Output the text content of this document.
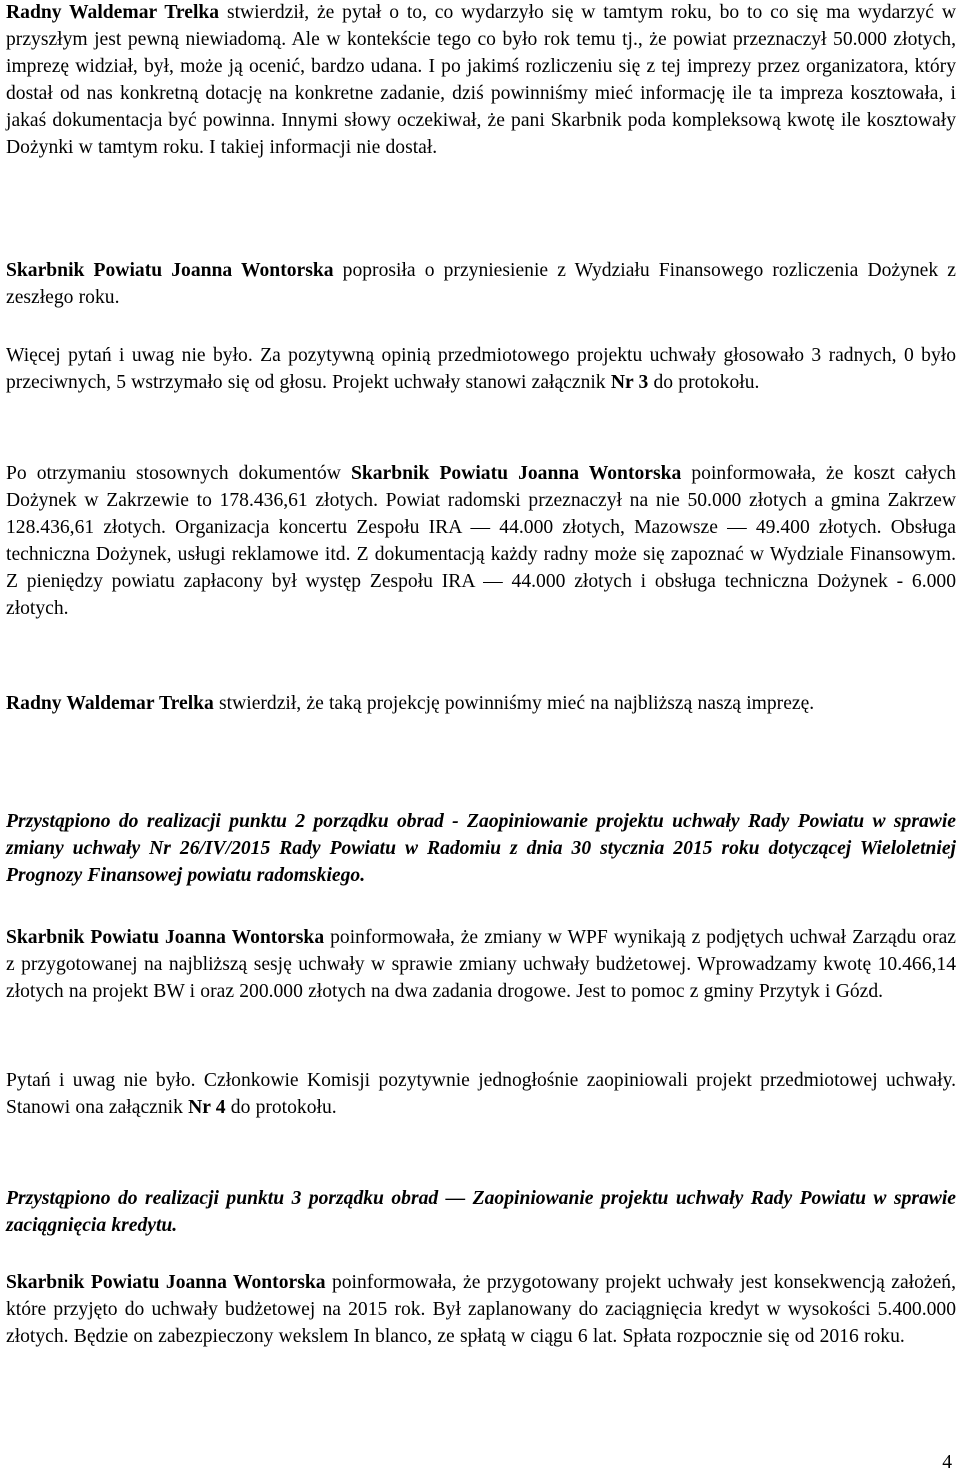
Radny Waldemar Trelka stwierdził, że pytał o to, co wydarzyło się w tamtym roku, bo to co się ma wydarzyć w przyszłym jest pewną niewiadomą. Ale w kontekście tego co było rok temu tj., że powiat przeznaczył 50.000 złotych, imprezę widział, był, może ją ocenić, bardzo udana. I po jakimś rozliczeniu się z tej imprezy przez organizatora, który dostał od nas konkretną dotację na konkretne zadanie, dziś powinniśmy mieć informację ile ta impreza kosztowała, i jakaś dokumentacja być powinna. Innymi słowy oczekiwał, że pani Skarbnik poda kompleksową kwotę ile kosztowały Dożynki w tamtym roku. I takiej informacji nie dostał.

Skarbnik Powiatu Joanna Wontorska poprosiła o przyniesienie z Wydziału Finansowego rozliczenia Dożynek z zeszłego roku.

Więcej pytań i uwag nie było. Za pozytywną opinią przedmiotowego projektu uchwały głosowało 3 radnych, 0 było przeciwnych, 5 wstrzymało się od głosu. Projekt uchwały stanowi załącznik Nr 3 do protokołu.

Po otrzymaniu stosownych dokumentów Skarbnik Powiatu Joanna Wontorska poinformowała, że koszt całych Dożynek w Zakrzewie to 178.436,61 złotych. Powiat radomski przeznaczył na nie 50.000 złotych a gmina Zakrzew 128.436,61 złotych. Organizacja koncertu Zespołu IRA — 44.000 złotych, Mazowsze — 49.400 złotych. Obsługa techniczna Dożynek, usługi reklamowe itd. Z dokumentacją każdy radny może się zapoznać w Wydziale Finansowym. Z pieniędzy powiatu zapłacony był występ Zespołu IRA — 44.000 złotych i obsługa techniczna Dożynek - 6.000 złotych.

Radny Waldemar Trelka stwierdził, że taką projekcję powinniśmy mieć na najbliższą naszą imprezę.

Przystąpiono do realizacji punktu 2 porządku obrad - Zaopiniowanie projektu uchwały Rady Powiatu w sprawie zmiany uchwały Nr 26/IV/2015 Rady Powiatu w Radomiu z dnia 30 stycznia 2015 roku dotyczącej Wieloletniej Prognozy Finansowej powiatu radomskiego.

Skarbnik Powiatu Joanna Wontorska poinformowała, że zmiany w WPF wynikają z podjętych uchwał Zarządu oraz z przygotowanej na najbliższą sesję uchwały w sprawie zmiany uchwały budżetowej. Wprowadzamy kwotę 10.466,14 złotych na projekt BW i oraz 200.000 złotych na dwa zadania drogowe. Jest to pomoc z gminy Przytyk i Gózd.

Pytań i uwag nie było. Członkowie Komisji pozytywnie jednogłośnie zaopiniowali projekt przedmiotowej uchwały. Stanowi ona załącznik Nr 4 do protokołu.

Przystąpiono do realizacji punktu 3 porządku obrad — Zaopiniowanie projektu uchwały Rady Powiatu w sprawie zaciągnięcia kredytu.

Skarbnik Powiatu Joanna Wontorska poinformowała, że przygotowany projekt uchwały jest konsekwencją założeń, które przyjęto do uchwały budżetowej na 2015 rok. Był zaplanowany do zaciągnięcia kredyt w wysokości 5.400.000 złotych. Będzie on zabezpieczony wekslem In blanco, ze spłatą w ciągu 6 lat. Spłata rozpocznie się od 2016 roku.

4
